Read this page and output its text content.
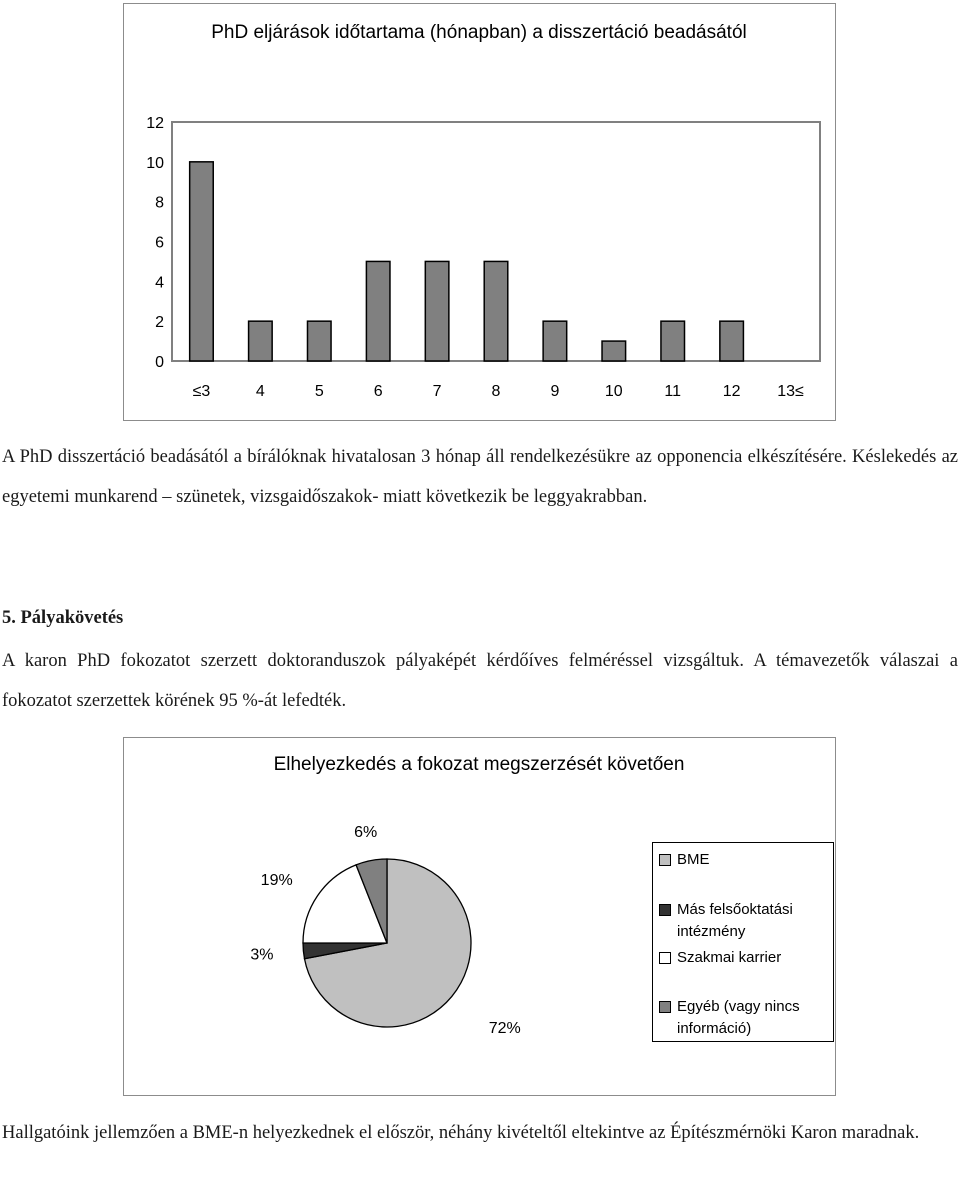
PhD eljárások időtartama (hónapban) a disszertáció beadásától
0
2
4
6
8
10
12
≤3	4	5	6	7	8	9	10	11	12 13≤
A PhD disszertáció beadásától a bírálóknak hivatalosan 3 hónap áll rendelkezésükre az opponencia elkészítésére. Késlekedés az egyetemi munkarend – szünetek, vizsgaidőszakok- miatt következik be leggyakrabban.
5. Pályakövetés
A karon PhD fokozatot szerzett doktoranduszok pályaképét kérdőíves felméréssel vizsgáltuk. A témavezetők válaszai a fokozatot szerzettek körének 95 %-át lefedték.
Elhelyezkedés a fokozat megszerzését követően
72%
3%
19%
6%
BME
Más felsőoktatási intézmény
Szakmai karrier
Egyéb (vagy nincs információ)
Hallgatóink jellemzően a BME-n helyezkednek el először, néhány kivételtől eltekintve az Építészmérnöki Karon maradnak.
